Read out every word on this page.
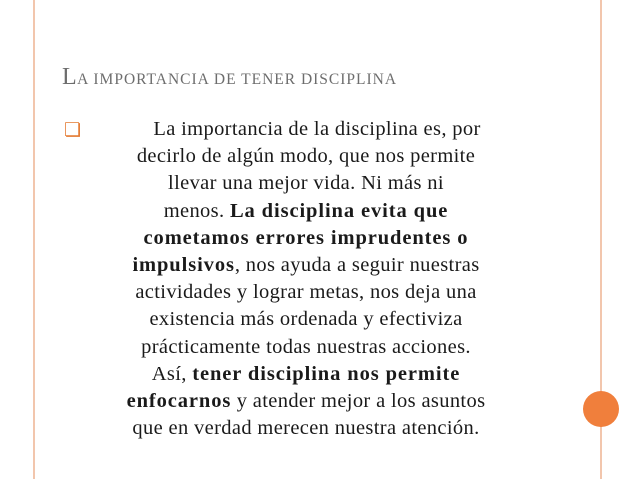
LA IMPORTANCIA DE TENER DISCIPLINA
❏	La importancia de la disciplina es, por
decirlo de algún modo, que nos permite
llevar una mejor vida. Ni más ni
menos. La disciplina evita que
cometamos errores imprudentes o
impulsivos, nos ayuda a seguir nuestras
actividades y lograr metas, nos deja una
existencia más ordenada y efectiviza
prácticamente todas nuestras acciones.
Así, tener disciplina nos permite
enfocarnos y atender mejor a los asuntos
que en verdad merecen nuestra atención.
